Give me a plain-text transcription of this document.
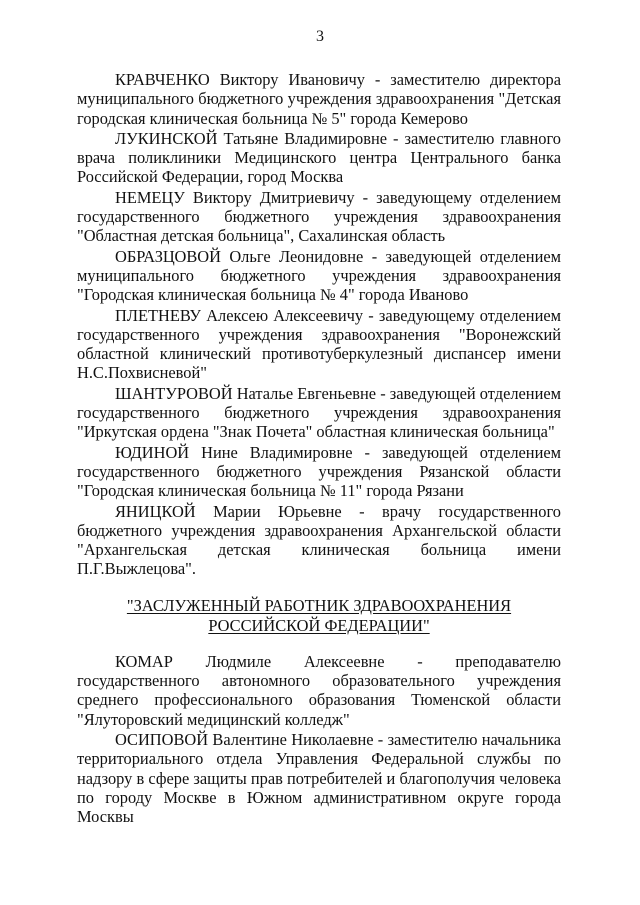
3

КРАВЧЕНКО Виктору Ивановичу - заместителю директора муниципального бюджетного учреждения здравоохранения "Детская городская клиническая больница № 5" города Кемерово

ЛУКИНСКОЙ Татьяне Владимировне - заместителю главного врача поликлиники Медицинского центра Центрального банка Российской Федерации, город Москва

НЕМЕЦУ Виктору Дмитриевичу - заведующему отделением государственного бюджетного учреждения здравоохранения "Областная детская больница", Сахалинская область

ОБРАЗЦОВОЙ Ольге Леонидовне - заведующей отделением муниципального бюджетного учреждения здравоохранения "Городская клиническая больница № 4" города Иваново

ПЛЕТНЕВУ Алексею Алексеевичу - заведующему отделением государственного учреждения здравоохранения "Воронежский областной клинический противотуберкулезный диспансер имени Н.С.Похвисневой"

ШАНТУРОВОЙ Наталье Евгеньевне - заведующей отделением государственного бюджетного учреждения здравоохранения "Иркутская ордена "Знак Почета" областная клиническая больница"

ЮДИНОЙ Нине Владимировне - заведующей отделением государственного бюджетного учреждения Рязанской области "Городская клиническая больница № 11" города Рязани

ЯНИЦКОЙ Марии Юрьевне - врачу государственного бюджетного учреждения здравоохранения Архангельской области "Архангельская детская клиническая больница имени П.Г.Выжлецова".

"ЗАСЛУЖЕННЫЙ РАБОТНИК ЗДРАВООХРАНЕНИЯ
РОССИЙСКОЙ ФЕДЕРАЦИИ"

КОМАР Людмиле Алексеевне - преподавателю государственного автономного образовательного учреждения среднего профессионального образования Тюменской области "Ялуторовский медицинский колледж"

ОСИПОВОЙ Валентине Николаевне - заместителю начальника территориального отдела Управления Федеральной службы по надзору в сфере защиты прав потребителей и благополучия человека по городу Москве в Южном административном округе города Москвы
